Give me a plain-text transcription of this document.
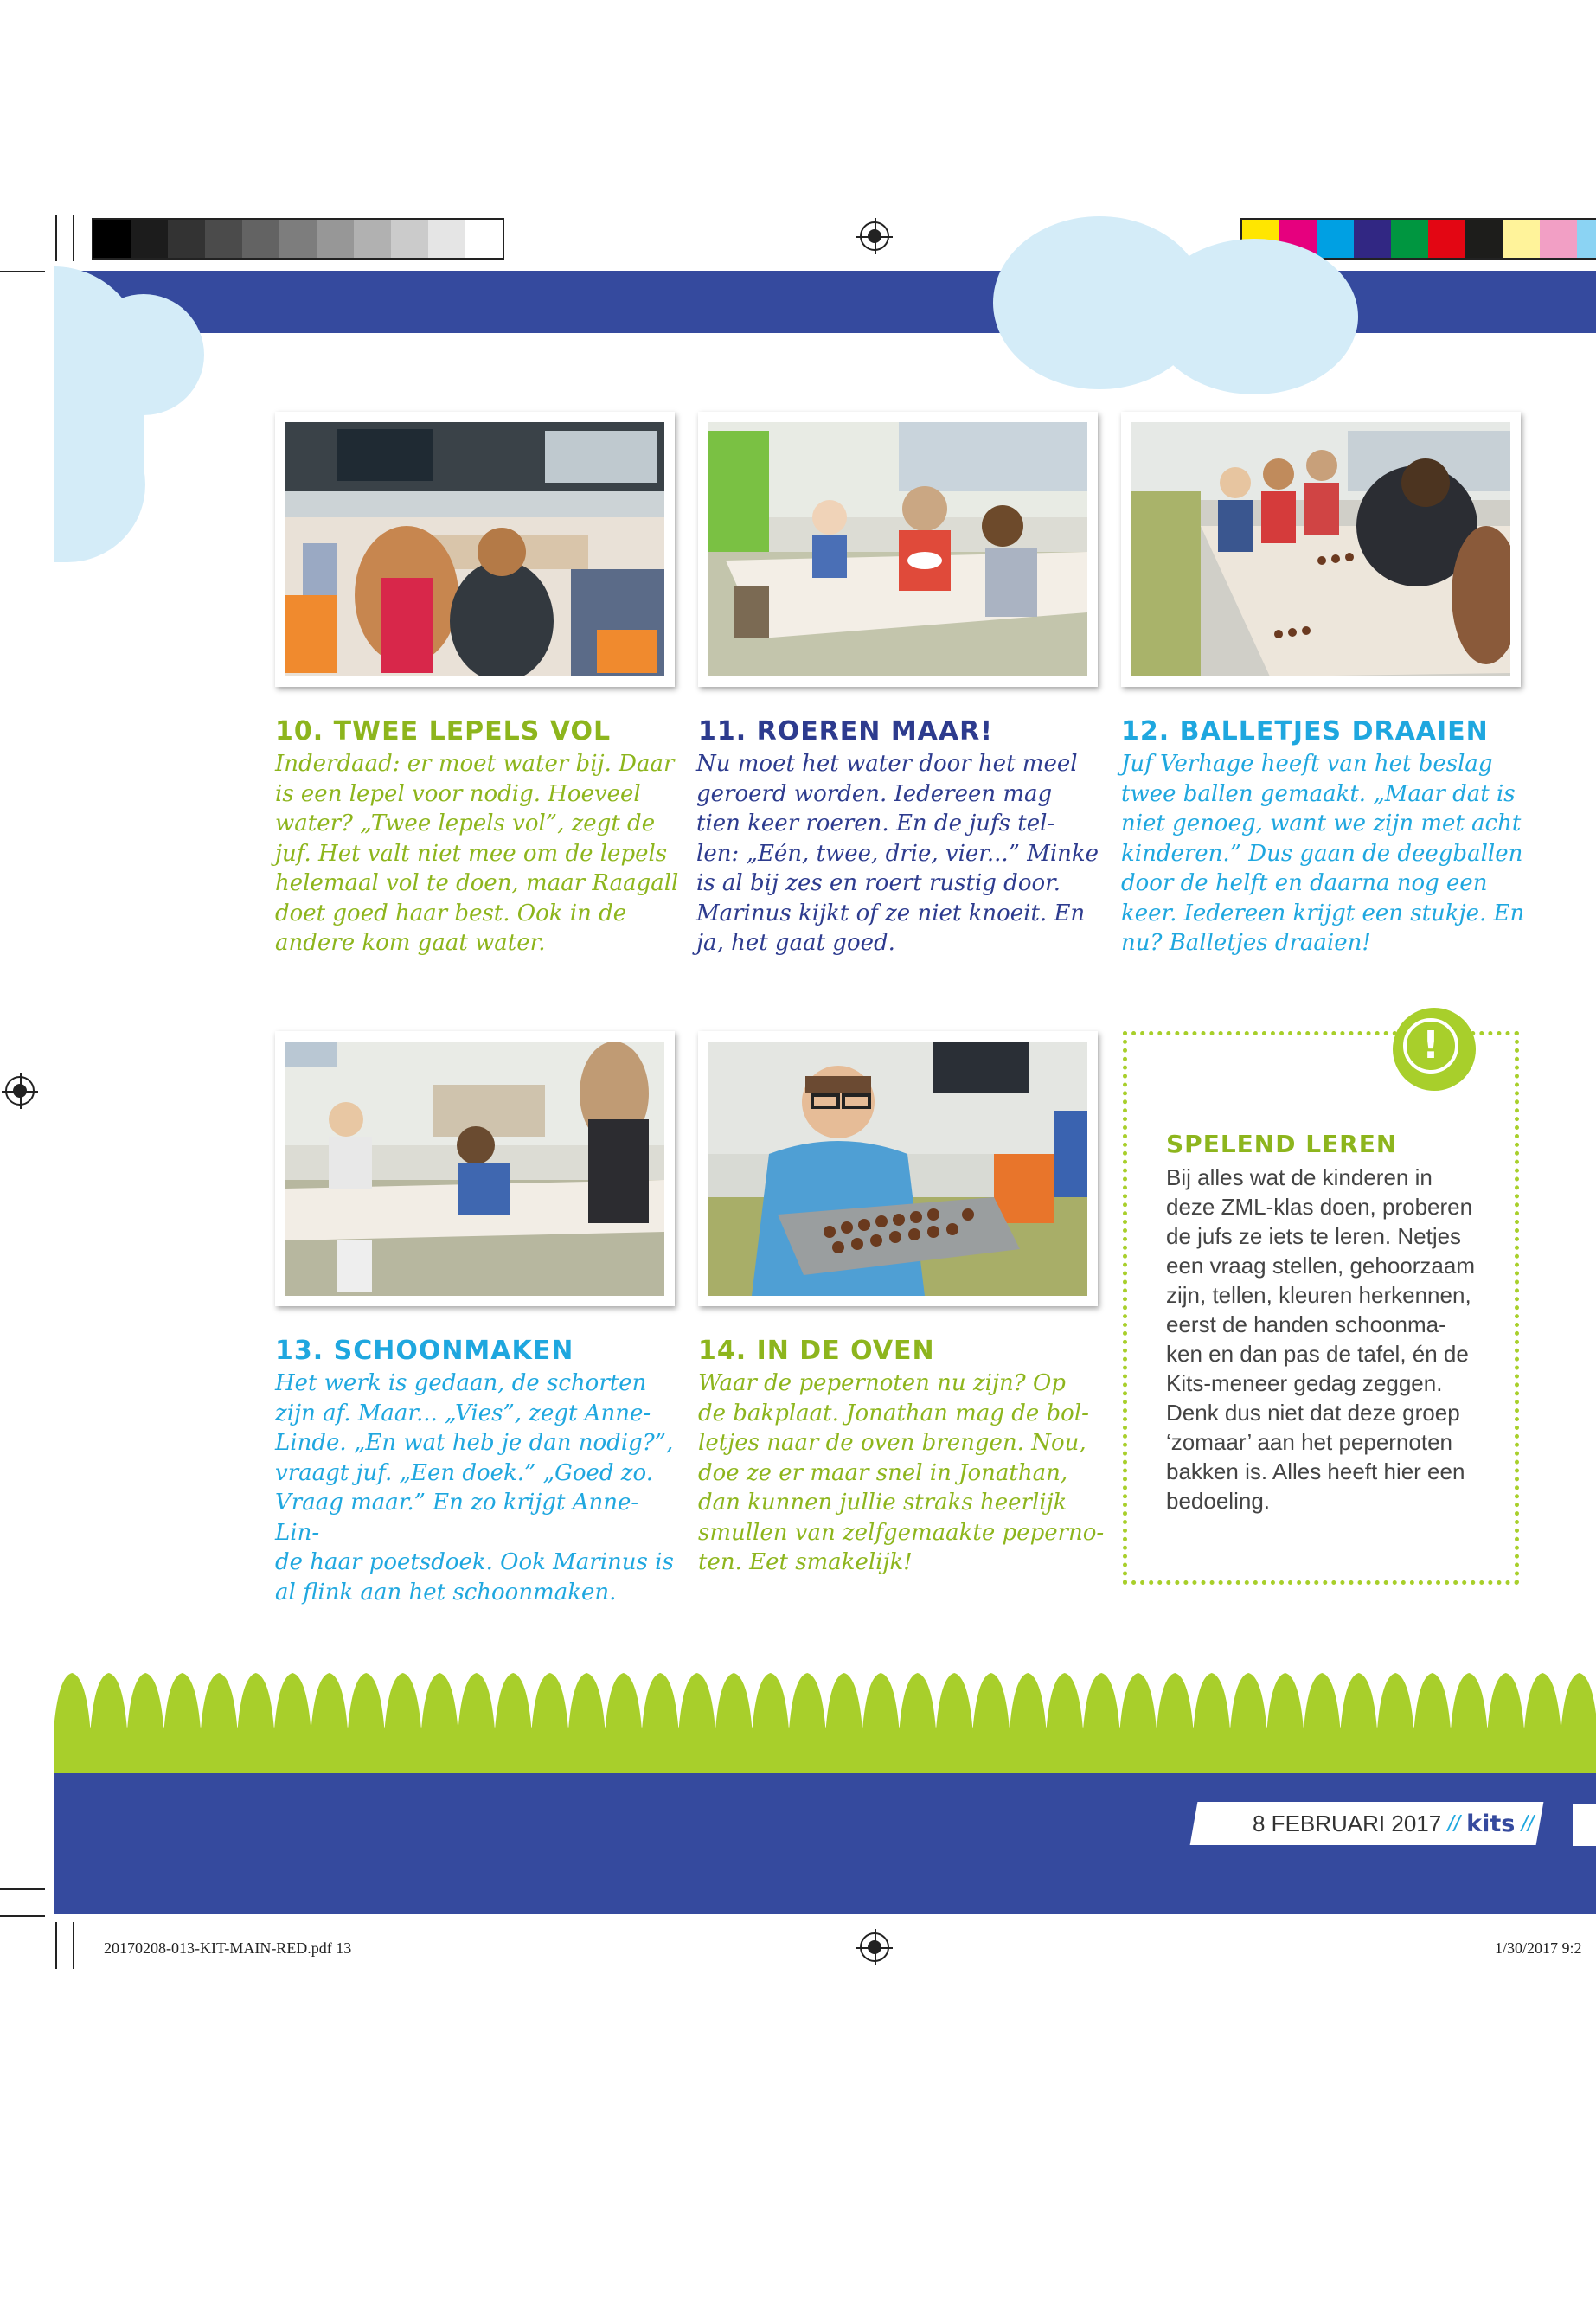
10. TWEE LEPELS VOL
Inderdaad: er moet water bij. Daar
is een lepel voor nodig. Hoeveel
water? „Twee lepels vol”, zegt de
juf. Het valt niet mee om de lepels
helemaal vol te doen, maar Raagall
doet goed haar best. Ook in de
andere kom gaat water.
11. ROEREN MAAR!
Nu moet het water door het meel
geroerd worden. Iedereen mag
tien keer roeren. En de jufs tel-
len: „Eén, twee, drie, vier...” Minke
is al bij zes en roert rustig door.
Marinus kijkt of ze niet knoeit. En
ja, het gaat goed.
12. BALLETJES DRAAIEN
Juf Verhage heeft van het beslag
twee ballen gemaakt. „Maar dat is
niet genoeg, want we zijn met acht
kinderen.” Dus gaan de deegballen
door de helft en daarna nog een
keer. Iedereen krijgt een stukje. En
nu? Balletjes draaien!
13. SCHOONMAKEN
Het werk is gedaan, de schorten
zijn af. Maar... „Vies”, zegt Anne-
Linde. „En wat heb je dan nodig?”,
vraagt juf. „Een doek.” „Goed zo.
Vraag maar.” En zo krijgt Anne-Lin-
de haar poetsdoek. Ook Marinus is
al flink aan het schoonmaken.
14. IN DE OVEN
Waar de pepernoten nu zijn? Op
de bakplaat. Jonathan mag de bol-
letjes naar de oven brengen. Nou,
doe ze er maar snel in Jonathan,
dan kunnen jullie straks heerlijk
smullen van zelfgemaakte peperno-
ten. Eet smakelijk!
!
SPELEND LEREN
Bij alles wat de kinderen in
deze ZML-klas doen, proberen
de jufs ze iets te leren. Netjes
een vraag stellen, gehoorzaam
zijn, tellen, kleuren herkennen,
eerst de handen schoonma-
ken en dan pas de tafel, én de
Kits-meneer gedag zeggen.
Denk dus niet dat deze groep
‘zomaar’ aan het pepernoten
bakken is. Alles heeft hier een
bedoeling.
8 FEBRUARI 2017 // kits //
20170208-013-KIT-MAIN-RED.pdf 13	1/30/2017 9:2
